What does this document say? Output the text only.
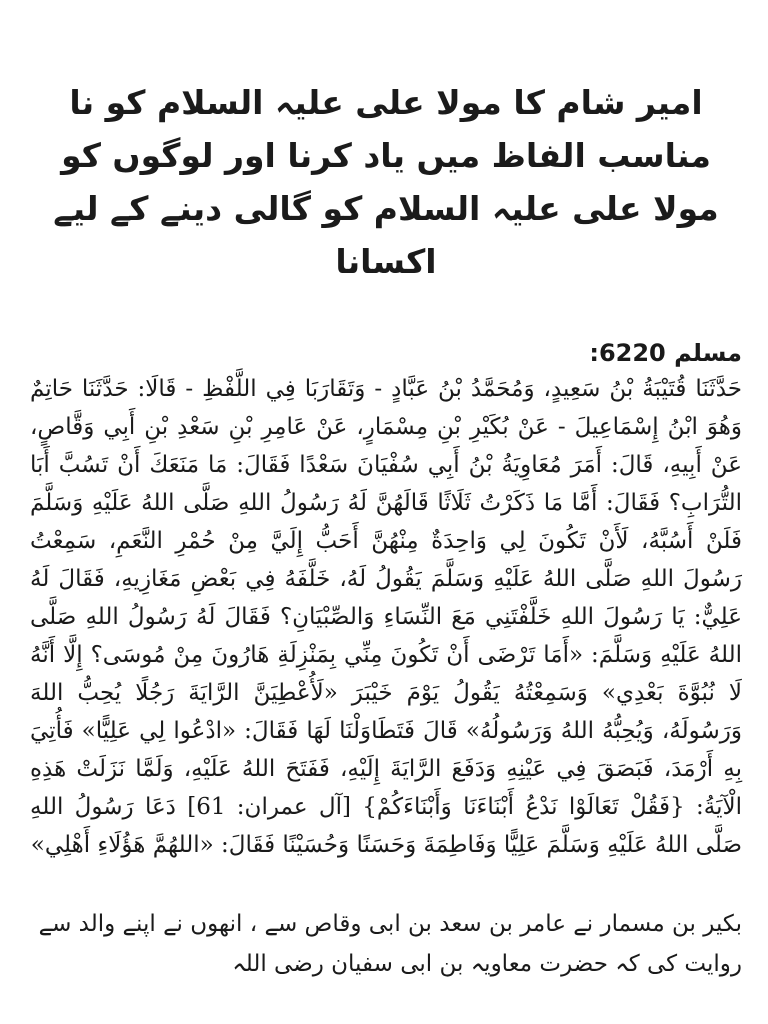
امیر شام کا مولا علی علیہ السلام کو نا مناسب الفاظ میں یاد کرنا اور لوگوں کو مولا علی علیہ السلام کو گالی دینے کے لیے اکسانا
مسلم 6220:

حَدَّثَنَا قُتَيْبَةُ بْنُ سَعِيدٍ، وَمُحَمَّدُ بْنُ عَبَّادٍ - وَتَقَارَبَا فِي اللَّفْظِ - قَالَا: حَدَّثَنَا حَاتِمٌ وَهُوَ ابْنُ إِسْمَاعِيلَ - عَنْ بُكَيْرِ بْنِ مِسْمَارٍ، عَنْ عَامِرِ بْنِ سَعْدِ بْنِ أَبِي وَقَّاصٍ، عَنْ أَبِيهِ، قَالَ: أَمَرَ مُعَاوِيَةُ بْنُ أَبِي سُفْيَانَ سَعْدًا فَقَالَ: مَا مَنَعَكَ أَنْ تَسُبَّ أَبَا التُّرَابِ؟ فَقَالَ: أَمَّا مَا ذَكَرْتُ ثَلَاثًا قَالَهُنَّ لَهُ رَسُولُ اللهِ صَلَّى اللهُ عَلَيْهِ وَسَلَّمَ فَلَنْ أَسُبَّهُ، لَأَنْ تَكُونَ لِي وَاحِدَةٌ مِنْهُنَّ أَحَبُّ إِلَيَّ مِنْ حُمْرِ النَّعَمِ، سَمِعْتُ رَسُولَ اللهِ صَلَّى اللهُ عَلَيْهِ وَسَلَّمَ يَقُولُ لَهُ، خَلَّفَهُ فِي بَعْضِ مَغَازِيهِ، فَقَالَ لَهُ عَلِيٌّ: يَا رَسُولَ اللهِ خَلَّفْتَنِي مَعَ النِّسَاءِ وَالصِّبْيَانِ؟ فَقَالَ لَهُ رَسُولُ اللهِ صَلَّى اللهُ عَلَيْهِ وَسَلَّمَ: «أَمَا تَرْضَى أَنْ تَكُونَ مِنِّي بِمَنْزِلَةِ هَارُونَ مِنْ مُوسَى؟ إِلَّا أَنَّهُ لَا نُبُوَّةَ بَعْدِي» وَسَمِعْتُهُ يَقُولُ يَوْمَ خَيْبَرَ «لَأُعْطِيَنَّ الرَّايَةَ رَجُلًا يُحِبُّ اللهَ وَرَسُولَهُ، وَيُحِبُّهُ اللهُ وَرَسُولُهُ» قَالَ فَتَطَاوَلْنَا لَهَا فَقَالَ: «ادْعُوا لِي عَلِيًّا» فَأُتِيَ بِهِ أَرْمَدَ، فَبَصَقَ فِي عَيْنِهِ وَدَفَعَ الرَّايَةَ إِلَيْهِ، فَفَتَحَ اللهُ عَلَيْهِ، وَلَمَّا نَزَلَتْ هَذِهِ الْآيَةُ: {فَقُلْ تَعَالَوْا نَدْعُ أَبْنَاءَنَا وَأَبْنَاءَكُمْ} [آل عمران: 61] دَعَا رَسُولُ اللهِ صَلَّى اللهُ عَلَيْهِ وَسَلَّمَ عَلِيًّا وَفَاطِمَةَ وَحَسَنًا وَحُسَيْنًا فَقَالَ: «اللهُمَّ هَؤُلَاءِ أَهْلِي»

بکیر بن مسمار نے عامر بن سعد بن ابی وقاص سے ، انھوں نے اپنے والد سے روایت کی کہ حضرت معاویہ بن ابی سفیان رضی اللہ
